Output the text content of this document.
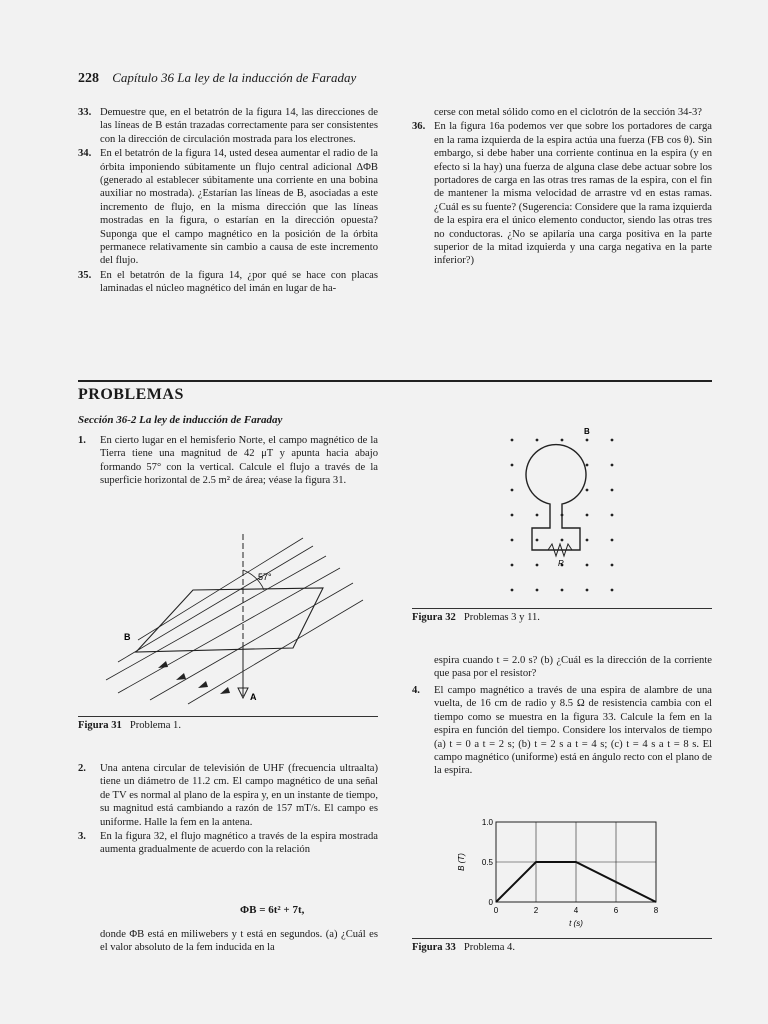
228 Capítulo 36 La ley de la inducción de Faraday
33. Demuestre que, en el betatrón de la figura 14, las direcciones de las líneas de B están trazadas correctamente para ser consistentes con la dirección de circulación mostrada para los electrones.
34. En el betatrón de la figura 14, usted desea aumentar el radio de la órbita imponiendo súbitamente un flujo central adicional ΔΦB (generado al establecer súbitamente una corriente en una bobina auxiliar no mostrada). ¿Estarían las líneas de B, asociadas a este incremento de flujo, en la misma dirección que las líneas mostradas en la figura, o estarían en la dirección opuesta? Suponga que el campo magnético en la posición de la órbita permanece relativamente sin cambio a causa de este incremento del flujo.
35. En el betatrón de la figura 14, ¿por qué se hace con placas laminadas el núcleo magnético del imán en lugar de ha-
cerse con metal sólido como en el ciclotrón de la sección 34-3?
36. En la figura 16a podemos ver que sobre los portadores de carga en la rama izquierda de la espira actúa una fuerza (FB cos θ). Sin embargo, si debe haber una corriente continua en la espira (y en efecto si la hay) una fuerza de alguna clase debe actuar sobre los portadores de carga en las otras tres ramas de la espira, con el fin de mantener la misma velocidad de arrastre vd en estas ramas. ¿Cuál es su fuente? (Sugerencia: Considere que la rama izquierda de la espira era el único elemento conductor, siendo las otras tres no conductoras. ¿No se apilaría una carga positiva en la parte superior de la mitad izquierda y una carga negativa en la parte inferior?)
PROBLEMAS
Sección 36-2 La ley de inducción de Faraday
1. En cierto lugar en el hemisferio Norte, el campo magnético de la Tierra tiene una magnitud de 42 μT y apunta hacia abajo formando 57° con la vertical. Calcule el flujo a través de la superficie horizontal de 2.5 m² de área; véase la figura 31.
57°
A
B
Figura 31 Problema 1.
2. Una antena circular de televisión de UHF (frecuencia ultraalta) tiene un diámetro de 11.2 cm. El campo magnético de una señal de TV es normal al plano de la espira y, en un instante de tiempo, su magnitud está cambiando a razón de 157 mT/s. El campo es uniforme. Halle la fem en la antena.
3. En la figura 32, el flujo magnético a través de la espira mostrada aumenta gradualmente de acuerdo con la relación
ΦB = 6t² + 7t,
donde ΦB está en miliwebers y t está en segundos. (a) ¿Cuál es el valor absoluto de la fem inducida en la
B
R
Figura 32 Problemas 3 y 11.
espira cuando t = 2.0 s? (b) ¿Cuál es la dirección de la corriente que pasa por el resistor?
4. El campo magnético a través de una espira de alambre de una vuelta, de 16 cm de radio y 8.5 Ω de resistencia cambia con el tiempo como se muestra en la figura 33. Calcule la fem en la espira en función del tiempo. Considere los intervalos de tiempo (a) t = 0 a t = 2 s; (b) t = 2 s a t = 4 s; (c) t = 4 s a t = 8 s. El campo magnético (uniforme) está en ángulo recto con el plano de la espira.
0	2	4	6	8
0
0.5
1.0
t (s)
B (T)
Figura 33 Problema 4.
